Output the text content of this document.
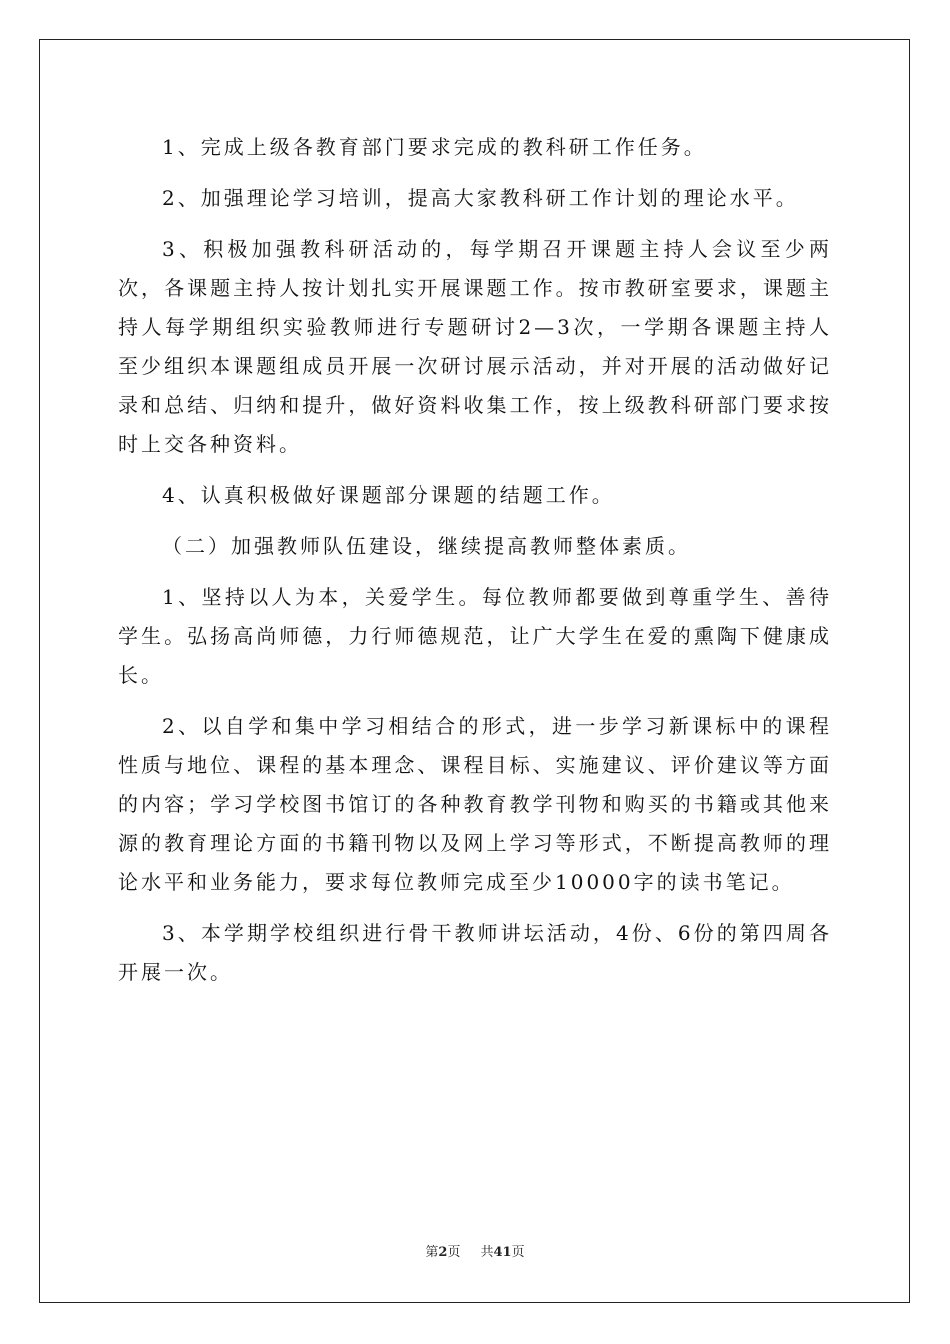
1、完成上级各教育部门要求完成的教科研工作任务。

2、加强理论学习培训，提高大家教科研工作计划的理论水平。

3、积极加强教科研活动的，每学期召开课题主持人会议至少两次，各课题主持人按计划扎实开展课题工作。按市教研室要求，课题主持人每学期组织实验教师进行专题研讨2—3次，一学期各课题主持人至少组织本课题组成员开展一次研讨展示活动，并对开展的活动做好记录和总结、归纳和提升，做好资料收集工作，按上级教科研部门要求按时上交各种资料。

4、认真积极做好课题部分课题的结题工作。

（二）加强教师队伍建设，继续提高教师整体素质。

1、坚持以人为本，关爱学生。每位教师都要做到尊重学生、善待学生。弘扬高尚师德，力行师德规范，让广大学生在爱的熏陶下健康成长。

2、以自学和集中学习相结合的形式，进一步学习新课标中的课程性质与地位、课程的基本理念、课程目标、实施建议、评价建议等方面的内容；学习学校图书馆订的各种教育教学刊物和购买的书籍或其他来源的教育理论方面的书籍刊物以及网上学习等形式，不断提高教师的理论水平和业务能力，要求每位教师完成至少10000字的读书笔记。

3、本学期学校组织进行骨干教师讲坛活动，4份、6份的第四周各开展一次。

第2页 共41页
